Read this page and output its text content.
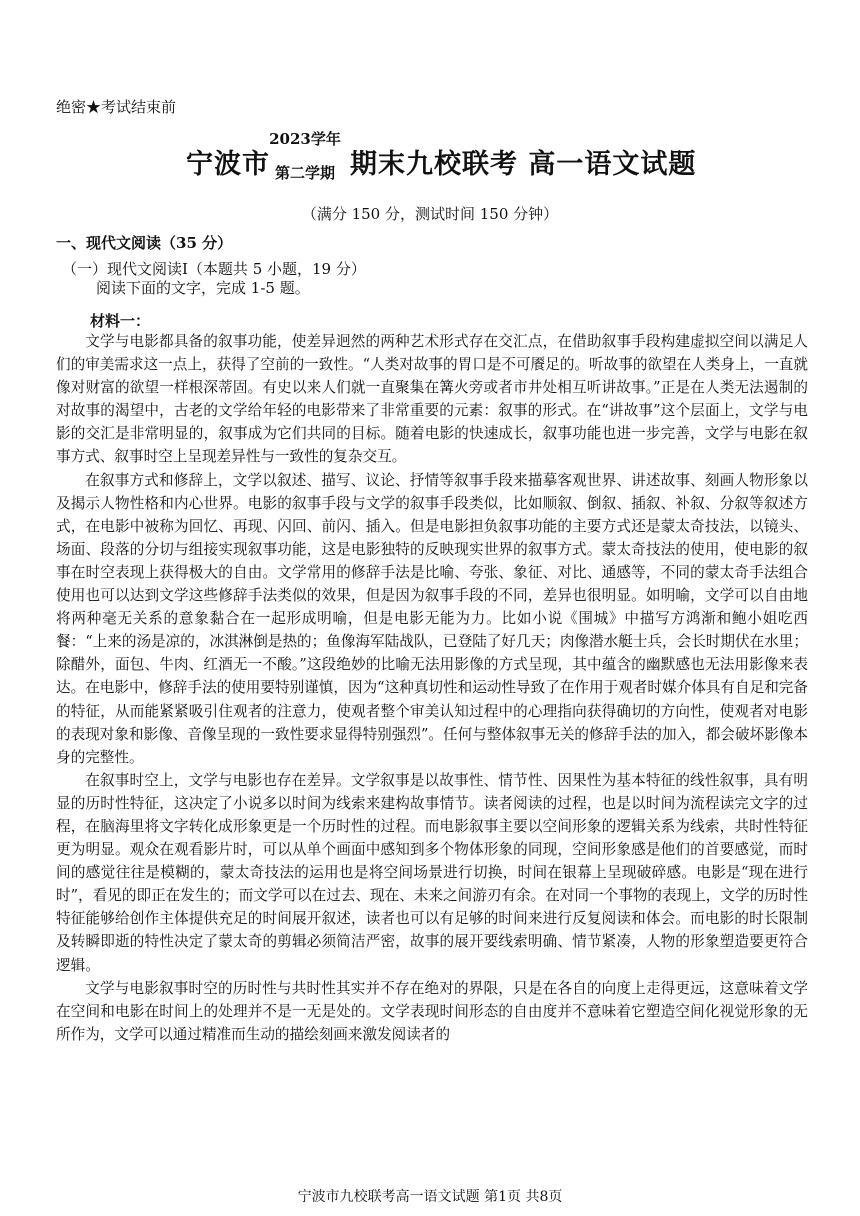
绝密★考试结束前
宁波市
2023学年
第二学期 期末九校联考 高一语文试题
（满分 150 分，测试时间 150 分钟）
一、现代文阅读（35 分）
（一）现代文阅读Ⅰ（本题共 5 小题，19 分）
阅读下面的文字，完成 1-5 题。
材料一：

文学与电影都具备的叙事功能，使差异迥然的两种艺术形式存在交汇点，在借助叙事手段构建虚拟空间以满足人们的审美需求这一点上，获得了空前的一致性。“人类对故事的胃口是不可餍足的。听故事的欲望在人类身上，一直就像对财富的欲望一样根深蒂固。有史以来人们就一直聚集在篝火旁或者市井处相互听讲故事。”正是在人类无法遏制的对故事的渴望中，古老的文学给年轻的电影带来了非常重要的元素：叙事的形式。在“讲故事”这个层面上，文学与电影的交汇是非常明显的，叙事成为它们共同的目标。随着电影的快速成长，叙事功能也进一步完善，文学与电影在叙事方式、叙事时空上呈现差异性与一致性的复杂交互。

在叙事方式和修辞上，文学以叙述、描写、议论、抒情等叙事手段来描摹客观世界、讲述故事、刻画人物形象以及揭示人物性格和内心世界。电影的叙事手段与文学的叙事手段类似，比如顺叙、倒叙、插叙、补叙、分叙等叙述方式，在电影中被称为回忆、再现、闪回、前闪、插入。但是电影担负叙事功能的主要方式还是蒙太奇技法，以镜头、场面、段落的分切与组接实现叙事功能，这是电影独特的反映现实世界的叙事方式。蒙太奇技法的使用，使电影的叙事在时空表现上获得极大的自由。文学常用的修辞手法是比喻、夸张、象征、对比、通感等，不同的蒙太奇手法组合使用也可以达到文学这些修辞手法类似的效果，但是因为叙事手段的不同，差异也很明显。如明喻，文学可以自由地将两种毫无关系的意象黏合在一起形成明喻，但是电影无能为力。比如小说《围城》中描写方鸿渐和鲍小姐吃西餐：“上来的汤是凉的，冰淇淋倒是热的；鱼像海军陆战队，已登陆了好几天；肉像潜水艇士兵，会长时期伏在水里；除醋外，面包、牛肉、红酒无一不酸。”这段绝妙的比喻无法用影像的方式呈现，其中蕴含的幽默感也无法用影像来表达。在电影中，修辞手法的使用要特别谨慎，因为“这种真切性和运动性导致了在作用于观者时媒介体具有自足和完备的特征，从而能紧紧吸引住观者的注意力，使观者整个审美认知过程中的心理指向获得确切的方向性，使观者对电影的表现对象和影像、音像呈现的一致性要求显得特别强烈”。任何与整体叙事无关的修辞手法的加入，都会破坏影像本身的完整性。

在叙事时空上，文学与电影也存在差异。文学叙事是以故事性、情节性、因果性为基本特征的线性叙事，具有明显的历时性特征，这决定了小说多以时间为线索来建构故事情节。读者阅读的过程，也是以时间为流程读完文字的过程，在脑海里将文字转化成形象更是一个历时性的过程。而电影叙事主要以空间形象的逻辑关系为线索，共时性特征更为明显。观众在观看影片时，可以从单个画面中感知到多个物体形象的同现，空间形象感是他们的首要感觉，而时间的感觉往往是模糊的，蒙太奇技法的运用也是将空间场景进行切换，时间在银幕上呈现破碎感。电影是“现在进行时”，看见的即正在发生的；而文学可以在过去、现在、未来之间游刃有余。在对同一个事物的表现上，文学的历时性特征能够给创作主体提供充足的时间展开叙述，读者也可以有足够的时间来进行反复阅读和体会。而电影的时长限制及转瞬即逝的特性决定了蒙太奇的剪辑必须简洁严密，故事的展开要线索明确、情节紧凑，人物的形象塑造要更符合逻辑。

文学与电影叙事时空的历时性与共时性其实并不存在绝对的界限，只是在各自的向度上走得更远，这意味着文学在空间和电影在时间上的处理并不是一无是处的。文学表现时间形态的自由度并不意味着它塑造空间化视觉形象的无所作为，文学可以通过精准而生动的描绘刻画来激发阅读者的

宁波市九校联考高一语文试题 第1页 共8页
